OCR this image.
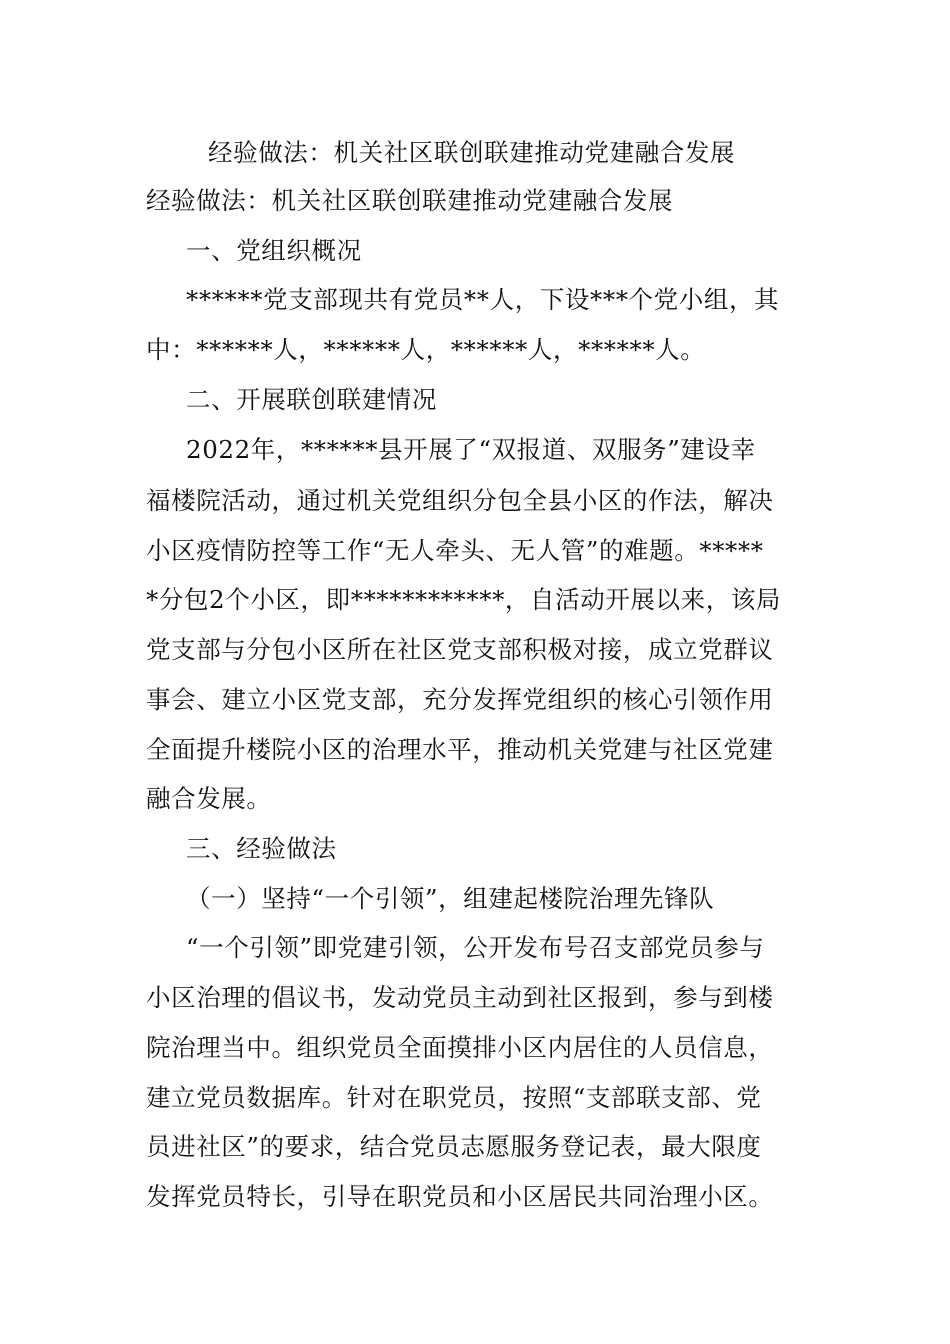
经验做法：机关社区联创联建推动党建融合发展
经验做法：机关社区联创联建推动党建融合发展
一、党组织概况
******党支部现共有党员**人，下设***个党小组，其
中：******人，******人，******人，******人。
二、开展联创联建情况
2022年，******县开展了“双报道、双服务”建设幸
福楼院活动，通过机关党组织分包全县小区的作法，解决
小区疫情防控等工作“无人牵头、无人管”的难题。*****
*分包2个小区，即************，自活动开展以来，该局
党支部与分包小区所在社区党支部积极对接，成立党群议
事会、建立小区党支部，充分发挥党组织的核心引领作用
全面提升楼院小区的治理水平，推动机关党建与社区党建
融合发展。
三、经验做法
（一）坚持“一个引领”，组建起楼院治理先锋队
“一个引领”即党建引领，公开发布号召支部党员参与
小区治理的倡议书，发动党员主动到社区报到，参与到楼
院治理当中。组织党员全面摸排小区内居住的人员信息，
建立党员数据库。针对在职党员，按照“支部联支部、党
员进社区”的要求，结合党员志愿服务登记表，最大限度
发挥党员特长，引导在职党员和小区居民共同治理小区。
